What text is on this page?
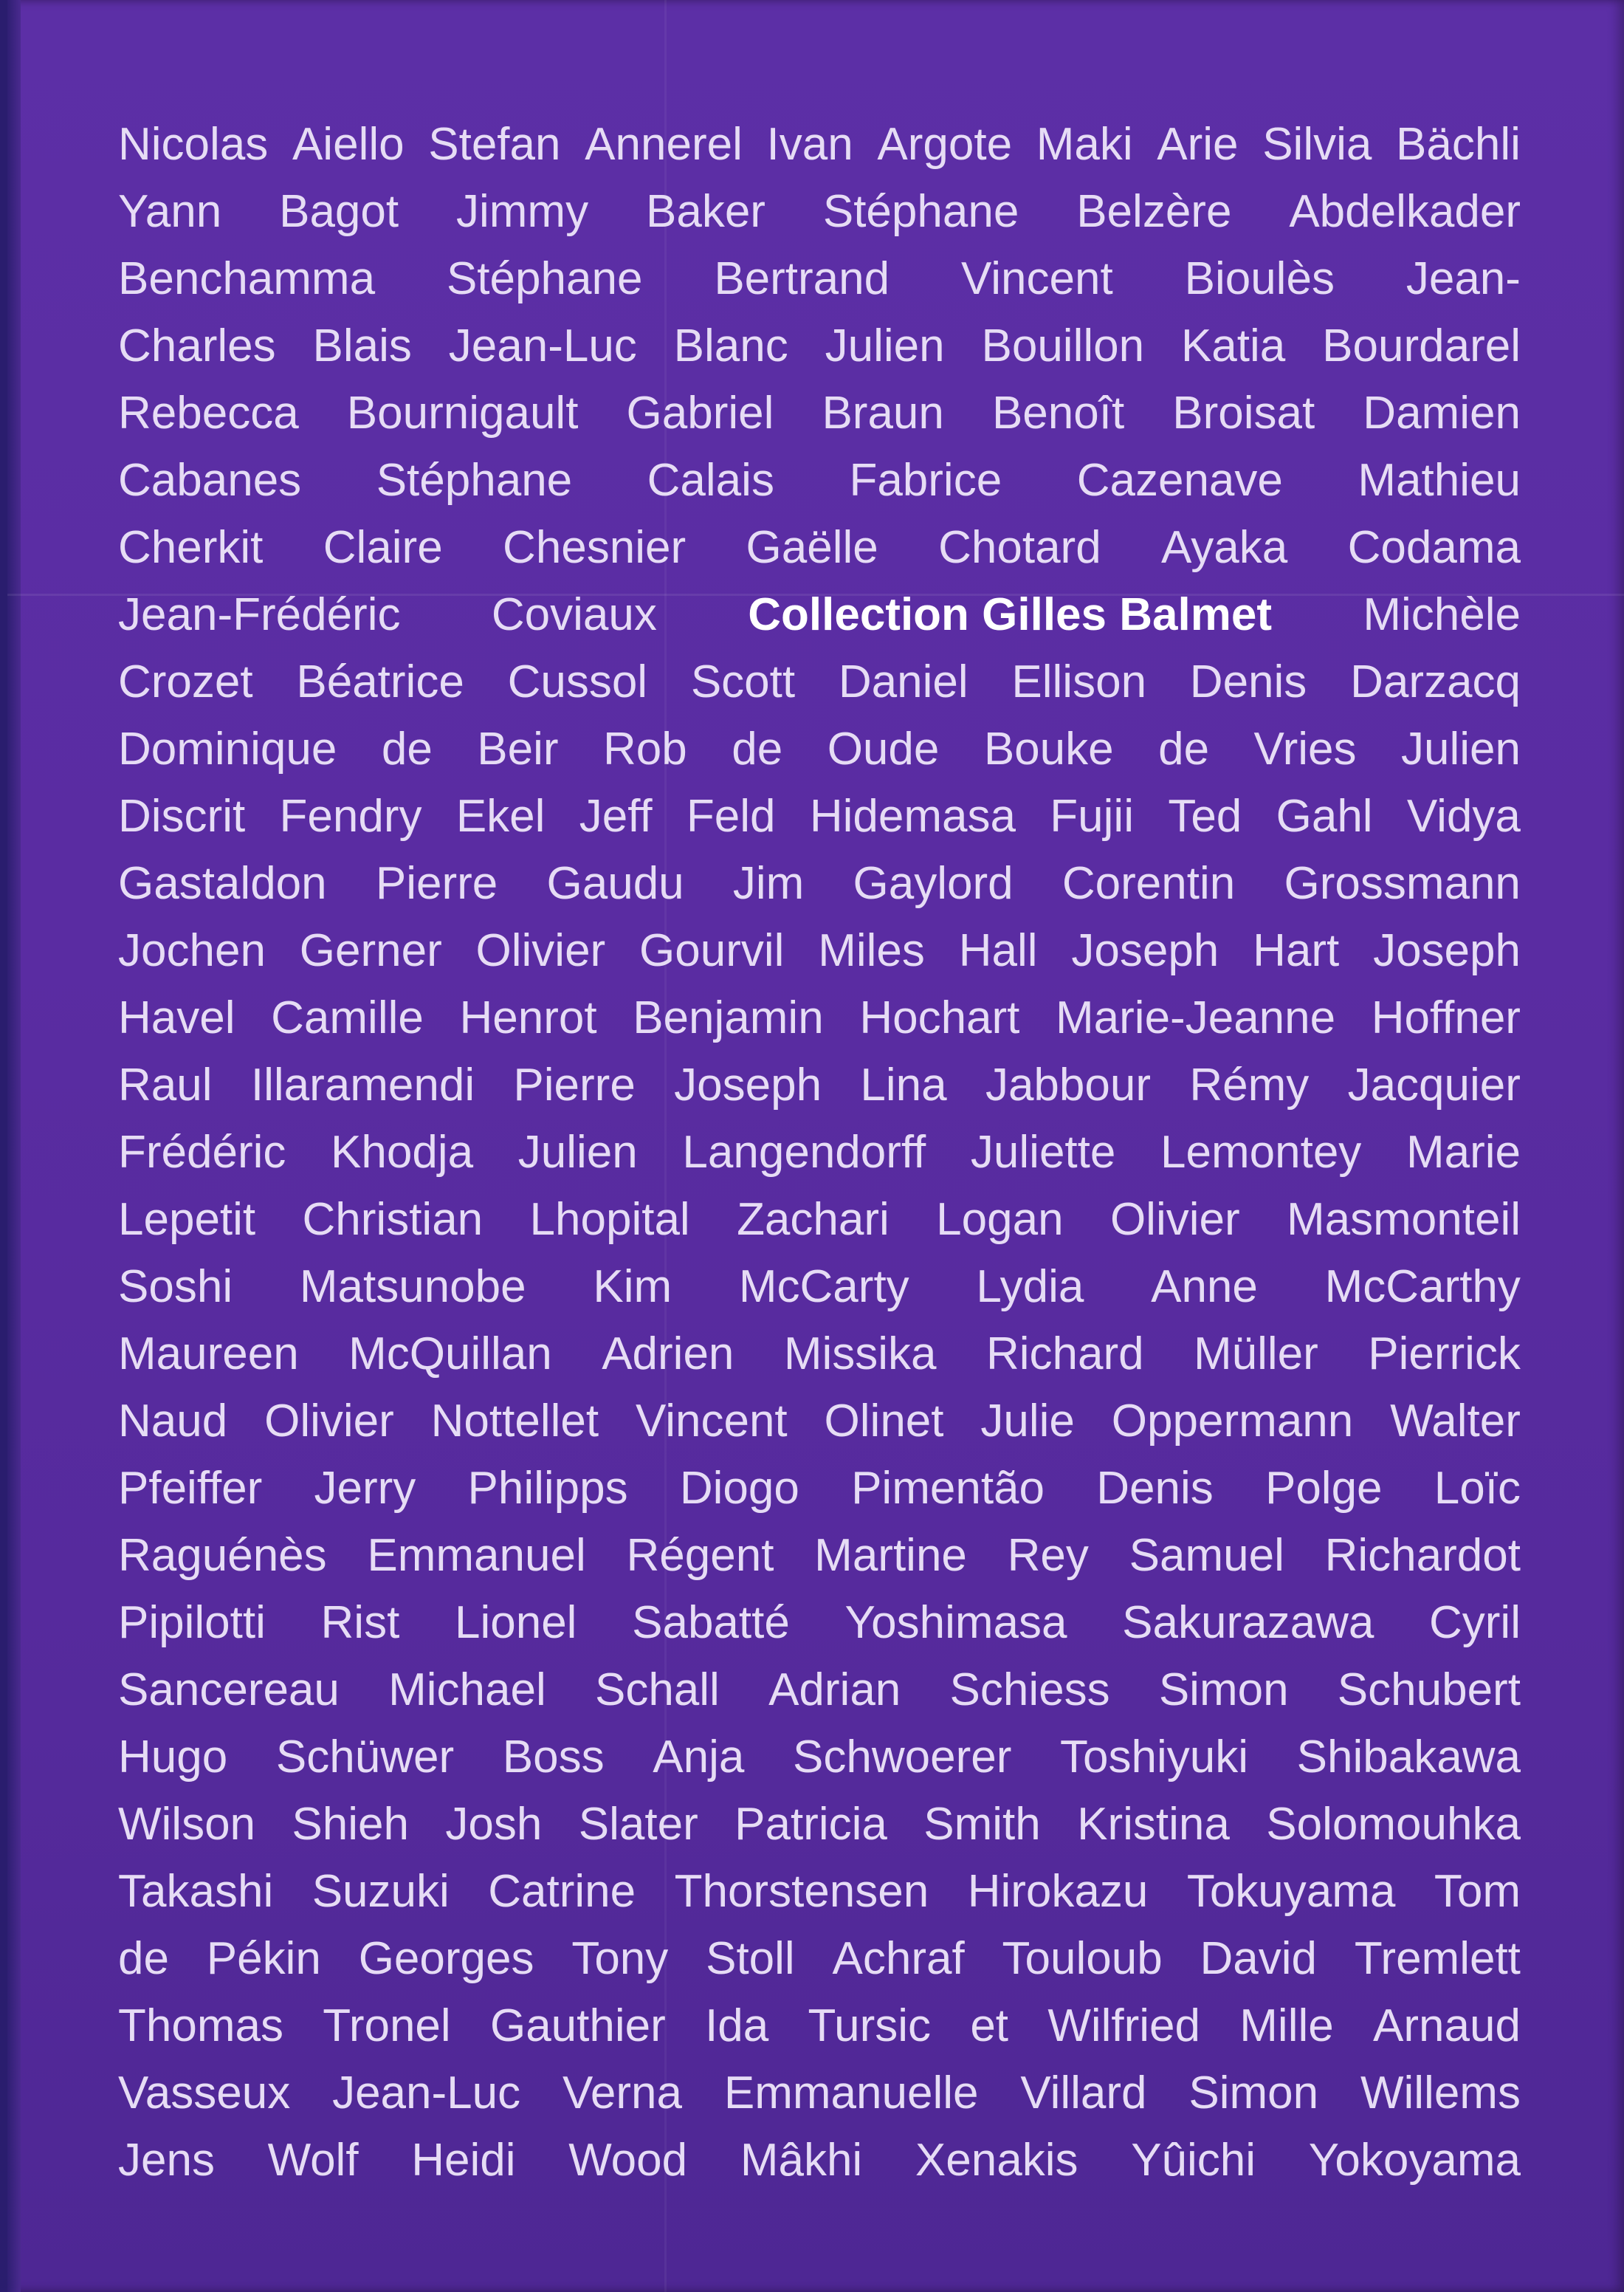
Nicolas Aiello Stefan Annerel Ivan Argote Maki Arie Silvia Bächli
Yann Bagot Jimmy Baker Stéphane Belzère Abdelkader
Benchamma Stéphane Bertrand Vincent Bioulès Jean-
Charles Blais Jean-Luc Blanc Julien Bouillon Katia Bourdarel
Rebecca Bournigault Gabriel Braun Benoît Broisat Damien
Cabanes Stéphane Calais Fabrice Cazenave Mathieu
Cherkit Claire Chesnier Gaëlle Chotard Ayaka Codama
Jean-Frédéric Coviaux Collection Gilles Balmet Michèle
Crozet Béatrice Cussol Scott Daniel Ellison Denis Darzacq
Dominique de Beir Rob de Oude Bouke de Vries Julien
Discrit Fendry Ekel Jeff Feld Hidemasa Fujii Ted Gahl Vidya
Gastaldon Pierre Gaudu Jim Gaylord Corentin Grossmann
Jochen Gerner Olivier Gourvil Miles Hall Joseph Hart Joseph
Havel Camille Henrot Benjamin Hochart Marie-Jeanne Hoffner
Raul Illaramendi Pierre Joseph Lina Jabbour Rémy Jacquier
Frédéric Khodja Julien Langendorff Juliette Lemontey Marie
Lepetit Christian Lhopital Zachari Logan Olivier Masmonteil
Soshi Matsunobe Kim McCarty Lydia Anne McCarthy
Maureen McQuillan Adrien Missika Richard Müller Pierrick
Naud Olivier Nottellet Vincent Olinet Julie Oppermann Walter
Pfeiffer Jerry Philipps Diogo Pimentão Denis Polge Loïc
Raguénès Emmanuel Régent Martine Rey Samuel Richardot
Pipilotti Rist Lionel Sabatté Yoshimasa Sakurazawa Cyril
Sancereau Michael Schall Adrian Schiess Simon Schubert
Hugo Schüwer Boss Anja Schwoerer Toshiyuki Shibakawa
Wilson Shieh Josh Slater Patricia Smith Kristina Solomouhka
Takashi Suzuki Catrine Thorstensen Hirokazu Tokuyama Tom
de Pékin Georges Tony Stoll Achraf Touloub David Tremlett
Thomas Tronel Gauthier Ida Tursic et Wilfried Mille Arnaud
Vasseux Jean-Luc Verna Emmanuelle Villard Simon Willems
Jens Wolf Heidi Wood Mâkhi Xenakis Yûichi Yokoyama
